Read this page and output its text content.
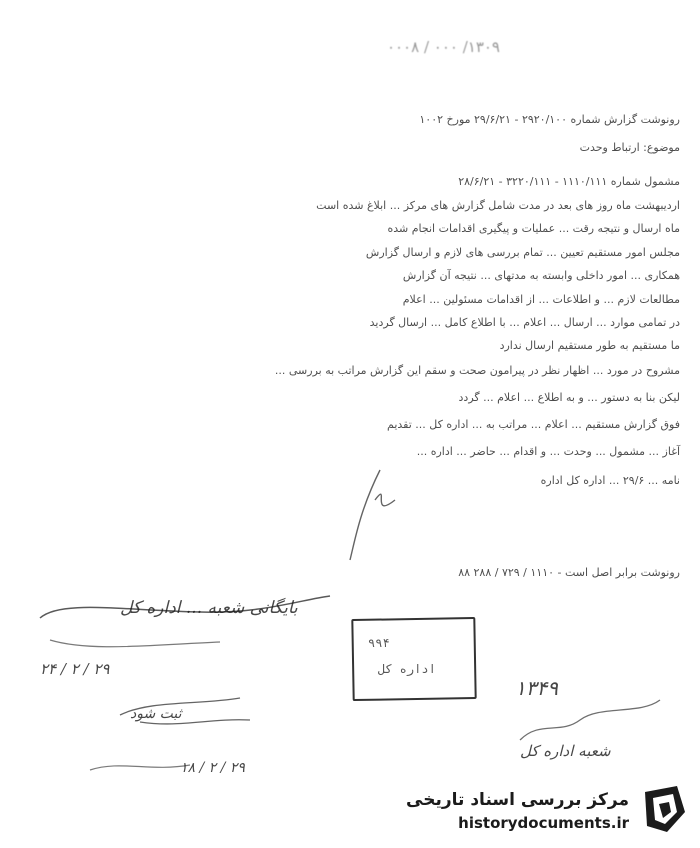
۱۳۰۹/ ۰۰۰ / ۰۰۰۸
رونوشت گزارش شماره ۲۹۲۰/۱۰۰ - ۲۹/۶/۲۱ مورخ ۱۰۰۲
موضوع: ارتباط وحدت
مشمول شماره ۱۱۱۰/۱۱۱ - ۳۲۲۰/۱۱۱ - ۲۸/۶/۲۱
اردیبهشت ماه روز های بعد در مدت شامل گزارش های مرکز ... ابلاغ شده است
ماه ارسال و نتیجه رقت ... عملیات و پیگیری اقدامات انجام شده
مجلس امور مستقیم تعیین ... تمام بررسی های لازم و ارسال گزارش
همکاری ... امور داخلی وابسته به مدتهای ... نتیجه آن گزارش
مطالعات لازم ... و اطلاعات ... از اقدامات مسئولین ... اعلام
در تمامی موارد ... ارسال ... اعلام ... با اطلاع کامل ... ارسال گردید
ما مستقیم به طور مستقیم ارسال ندارد
مشروح در مورد ... اظهار نظر در پیرامون صحت و سقم این گزارش مراتب به بررسی ...
لیکن بنا به دستور ... و به اطلاع ... اعلام ... گردد
فوق گزارش مستقیم ... اعلام ... مراتب به ... اداره کل ... تقدیم
آغاز ... مشمول ... وحدت ... و اقدام ... حاضر ... اداره ...
نامه ... ۲۹/۶ ... اداره کل اداره
رونوشت برابر اصل است - ۱۱۱۰ / ۷۲۹ / ۲۸۸ ۸۸
بایگانی شعبه ... اداره کل
۲۹ / ۲ / ۲۴
ثبت شود
۲۹ / ۲ / ۱۸
۱۳۴۹
شعبه اداره کل
۹۹۴
اداره کل
مرکز بررسی اسناد تاریخی
historydocuments.ir
